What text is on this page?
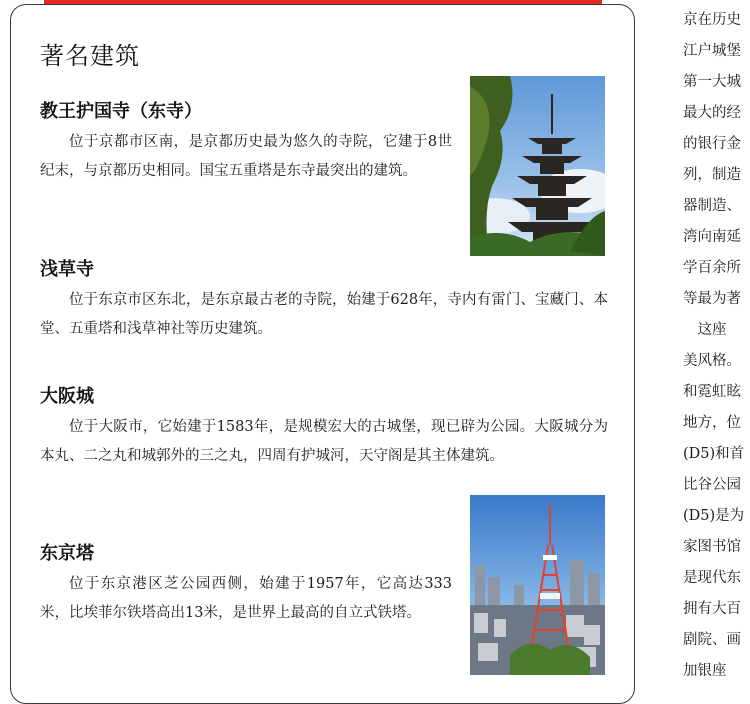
著名建筑
教王护国寺（东寺）

位于京都市区南，是京都历史最为悠久的寺院，它建于8世纪末，与京都历史相同。国宝五重塔是东寺最突出的建筑。

浅草寺

位于东京市区东北，是东京最古老的寺院，始建于628年，寺内有雷门、宝藏门、本堂、五重塔和浅草神社等历史建筑。

大阪城

位于大阪市，它始建于1583年，是规模宏大的古城堡，现已辟为公园。大阪城分为本丸、二之丸和城郭外的三之丸，四周有护城河，天守阁是其主体建筑。

东京塔

位于东京港区芝公园西侧，始建于1957年，它高达333米，比埃菲尔铁塔高出13米，是世界上最高的自立式铁塔。

京在历史
江户城堡
第一大城
最大的经
的银行金
列，制造
器制造、
湾向南延
学百余所
等最为著
　这座
美风格。
和霓虹眩
地方，位
(D5)和首
比谷公园
(D5)是为
家图书馆
是现代东
拥有大百
剧院、画
加银座
